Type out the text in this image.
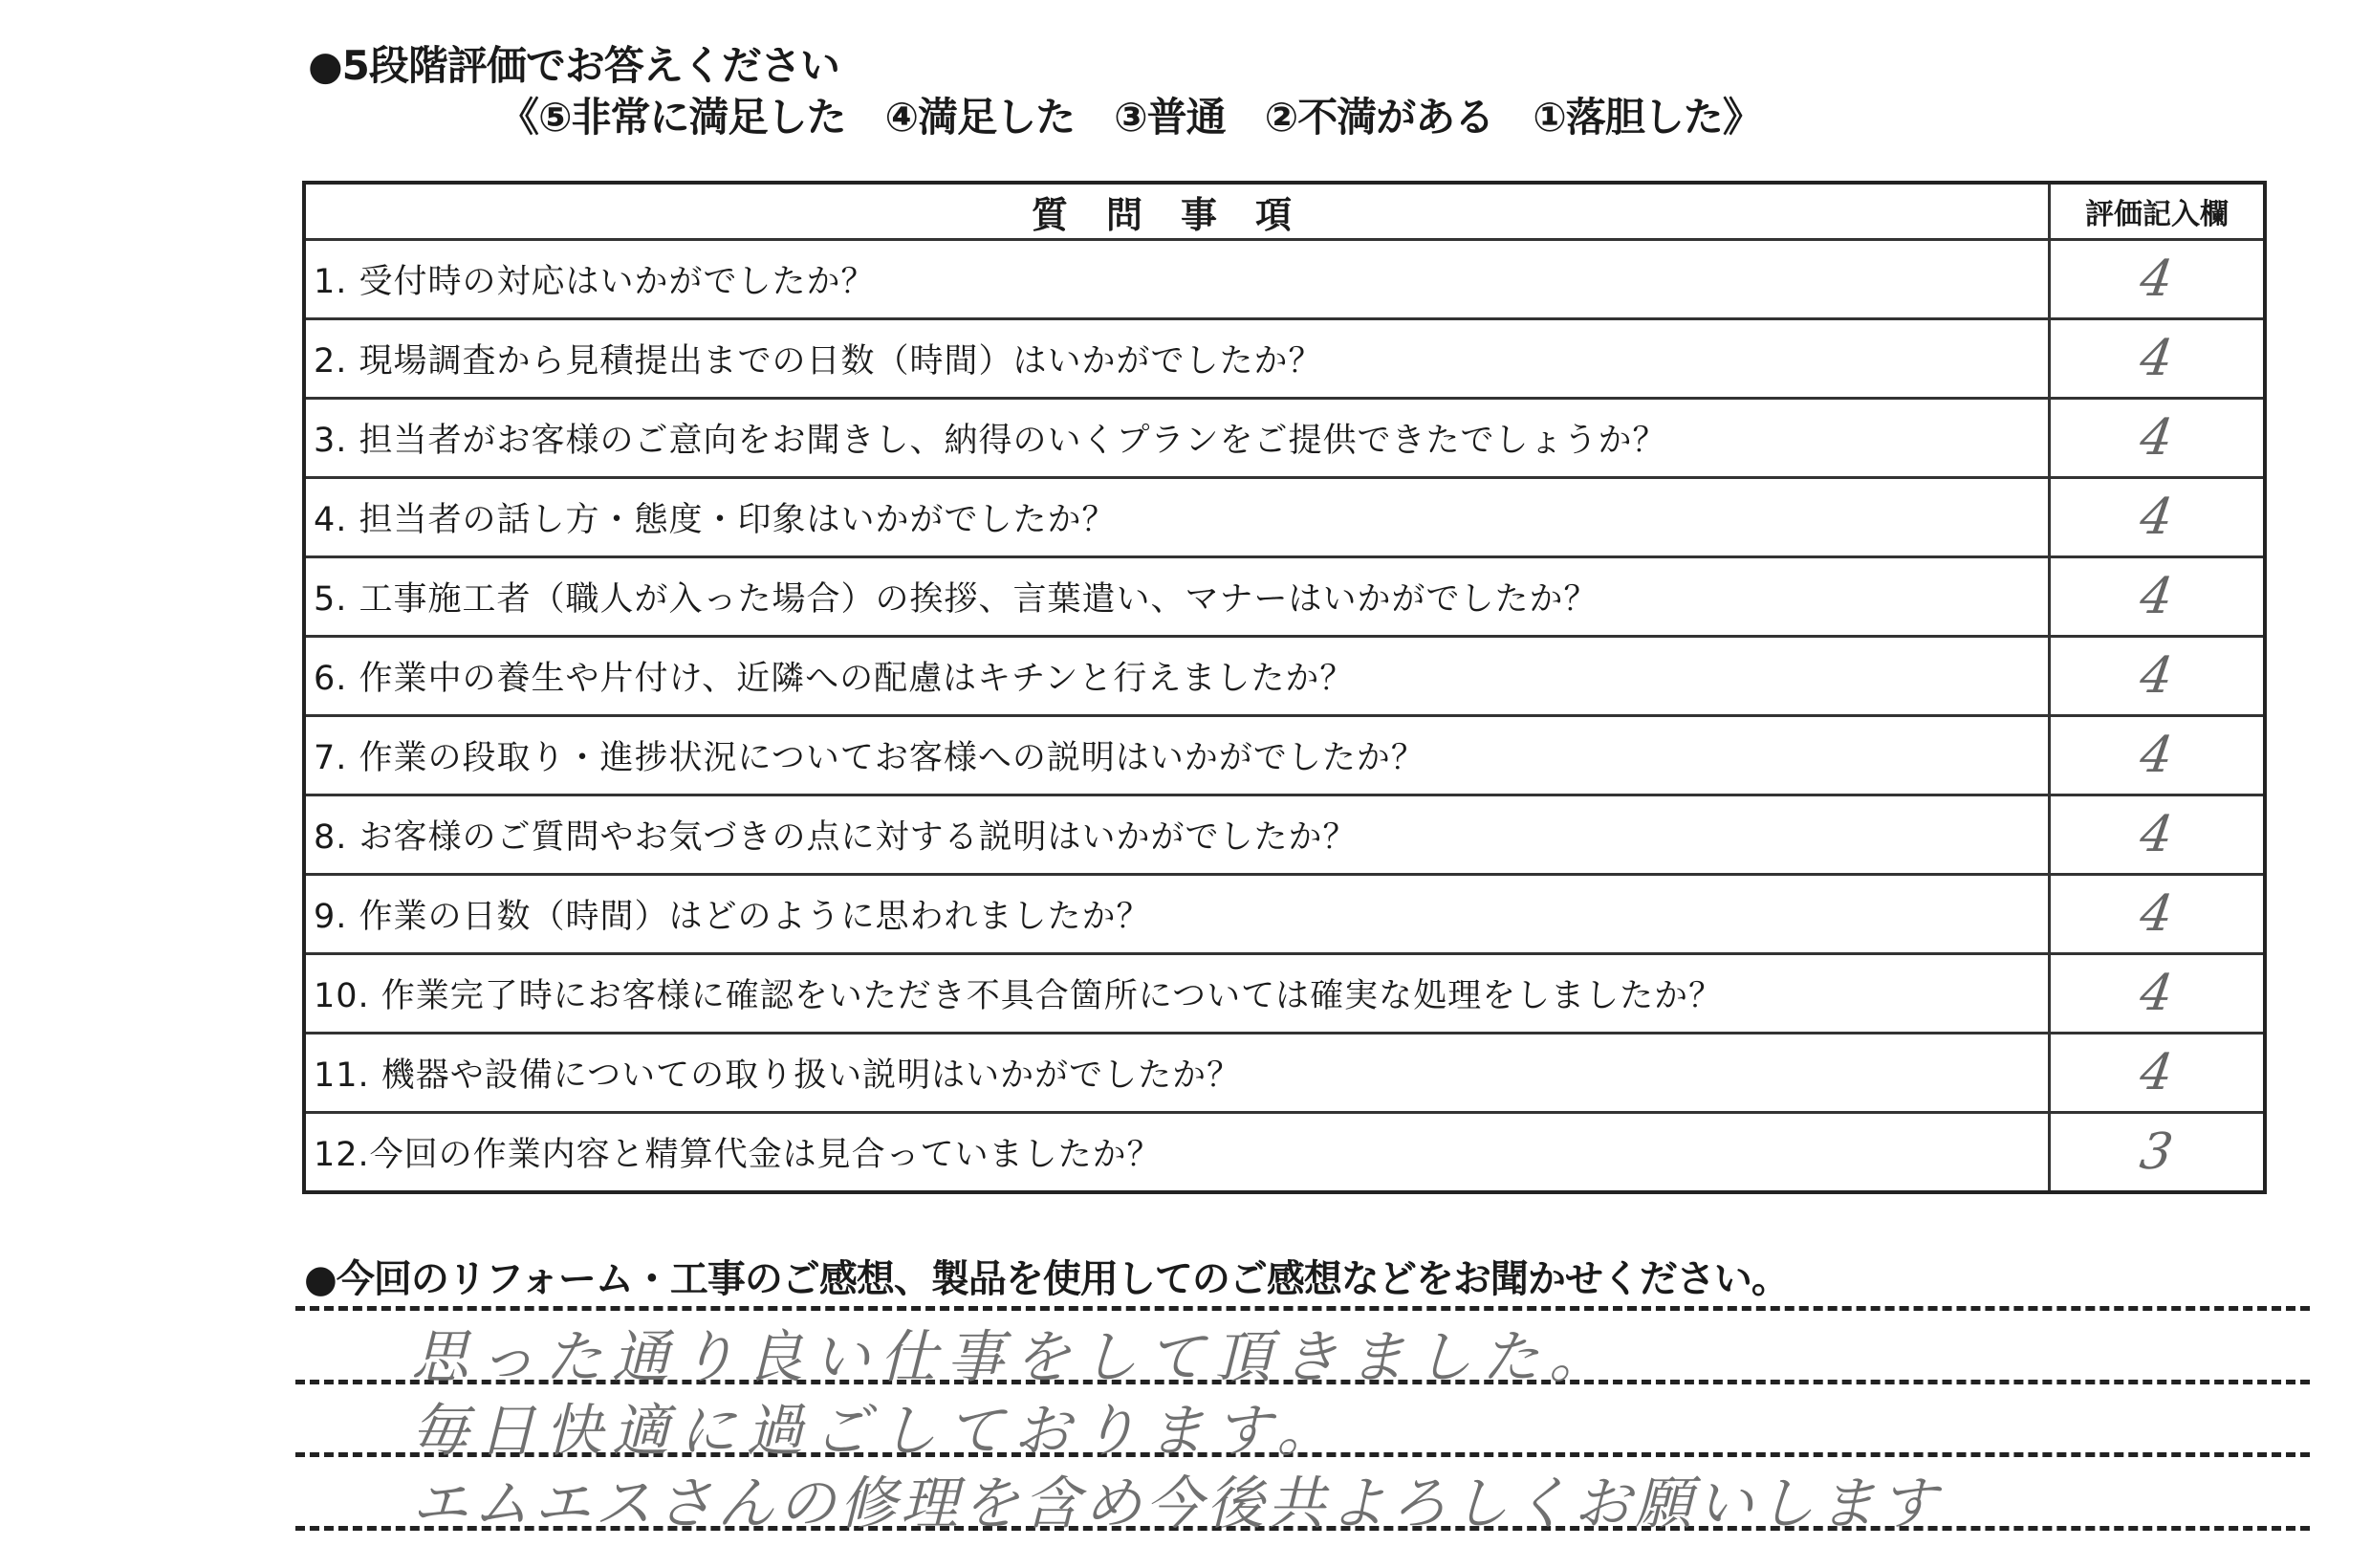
●5段階評価でお答えください
《⑤非常に満足した　④満足した　③普通　②不満がある　①落胆した》
質問事項	評価記入欄
1. 受付時の対応はいかがでしたか？	4
2. 現場調査から見積提出までの日数（時間）はいかがでしたか？	4
3. 担当者がお客様のご意向をお聞きし、納得のいくプランをご提供できたでしょうか？	4
4. 担当者の話し方・態度・印象はいかがでしたか？	4
5. 工事施工者（職人が入った場合）の挨拶、言葉遣い、マナーはいかがでしたか？	4
6. 作業中の養生や片付け、近隣への配慮はキチンと行えましたか？	4
7. 作業の段取り・進捗状況についてお客様への説明はいかがでしたか？	4
8. お客様のご質問やお気づきの点に対する説明はいかがでしたか？	4
9. 作業の日数（時間）はどのように思われましたか？	4
10. 作業完了時にお客様に確認をいただき不具合箇所については確実な処理をしましたか？	4
11. 機器や設備についての取り扱い説明はいかがでしたか？	4
12.今回の作業内容と精算代金は見合っていましたか？	3
●今回のリフォーム・工事のご感想、製品を使用してのご感想などをお聞かせください。
思った通り良い仕事をして頂きました。
毎日快適に過ごしております。
エムエスさんの修理を含め今後共よろしくお願いします
